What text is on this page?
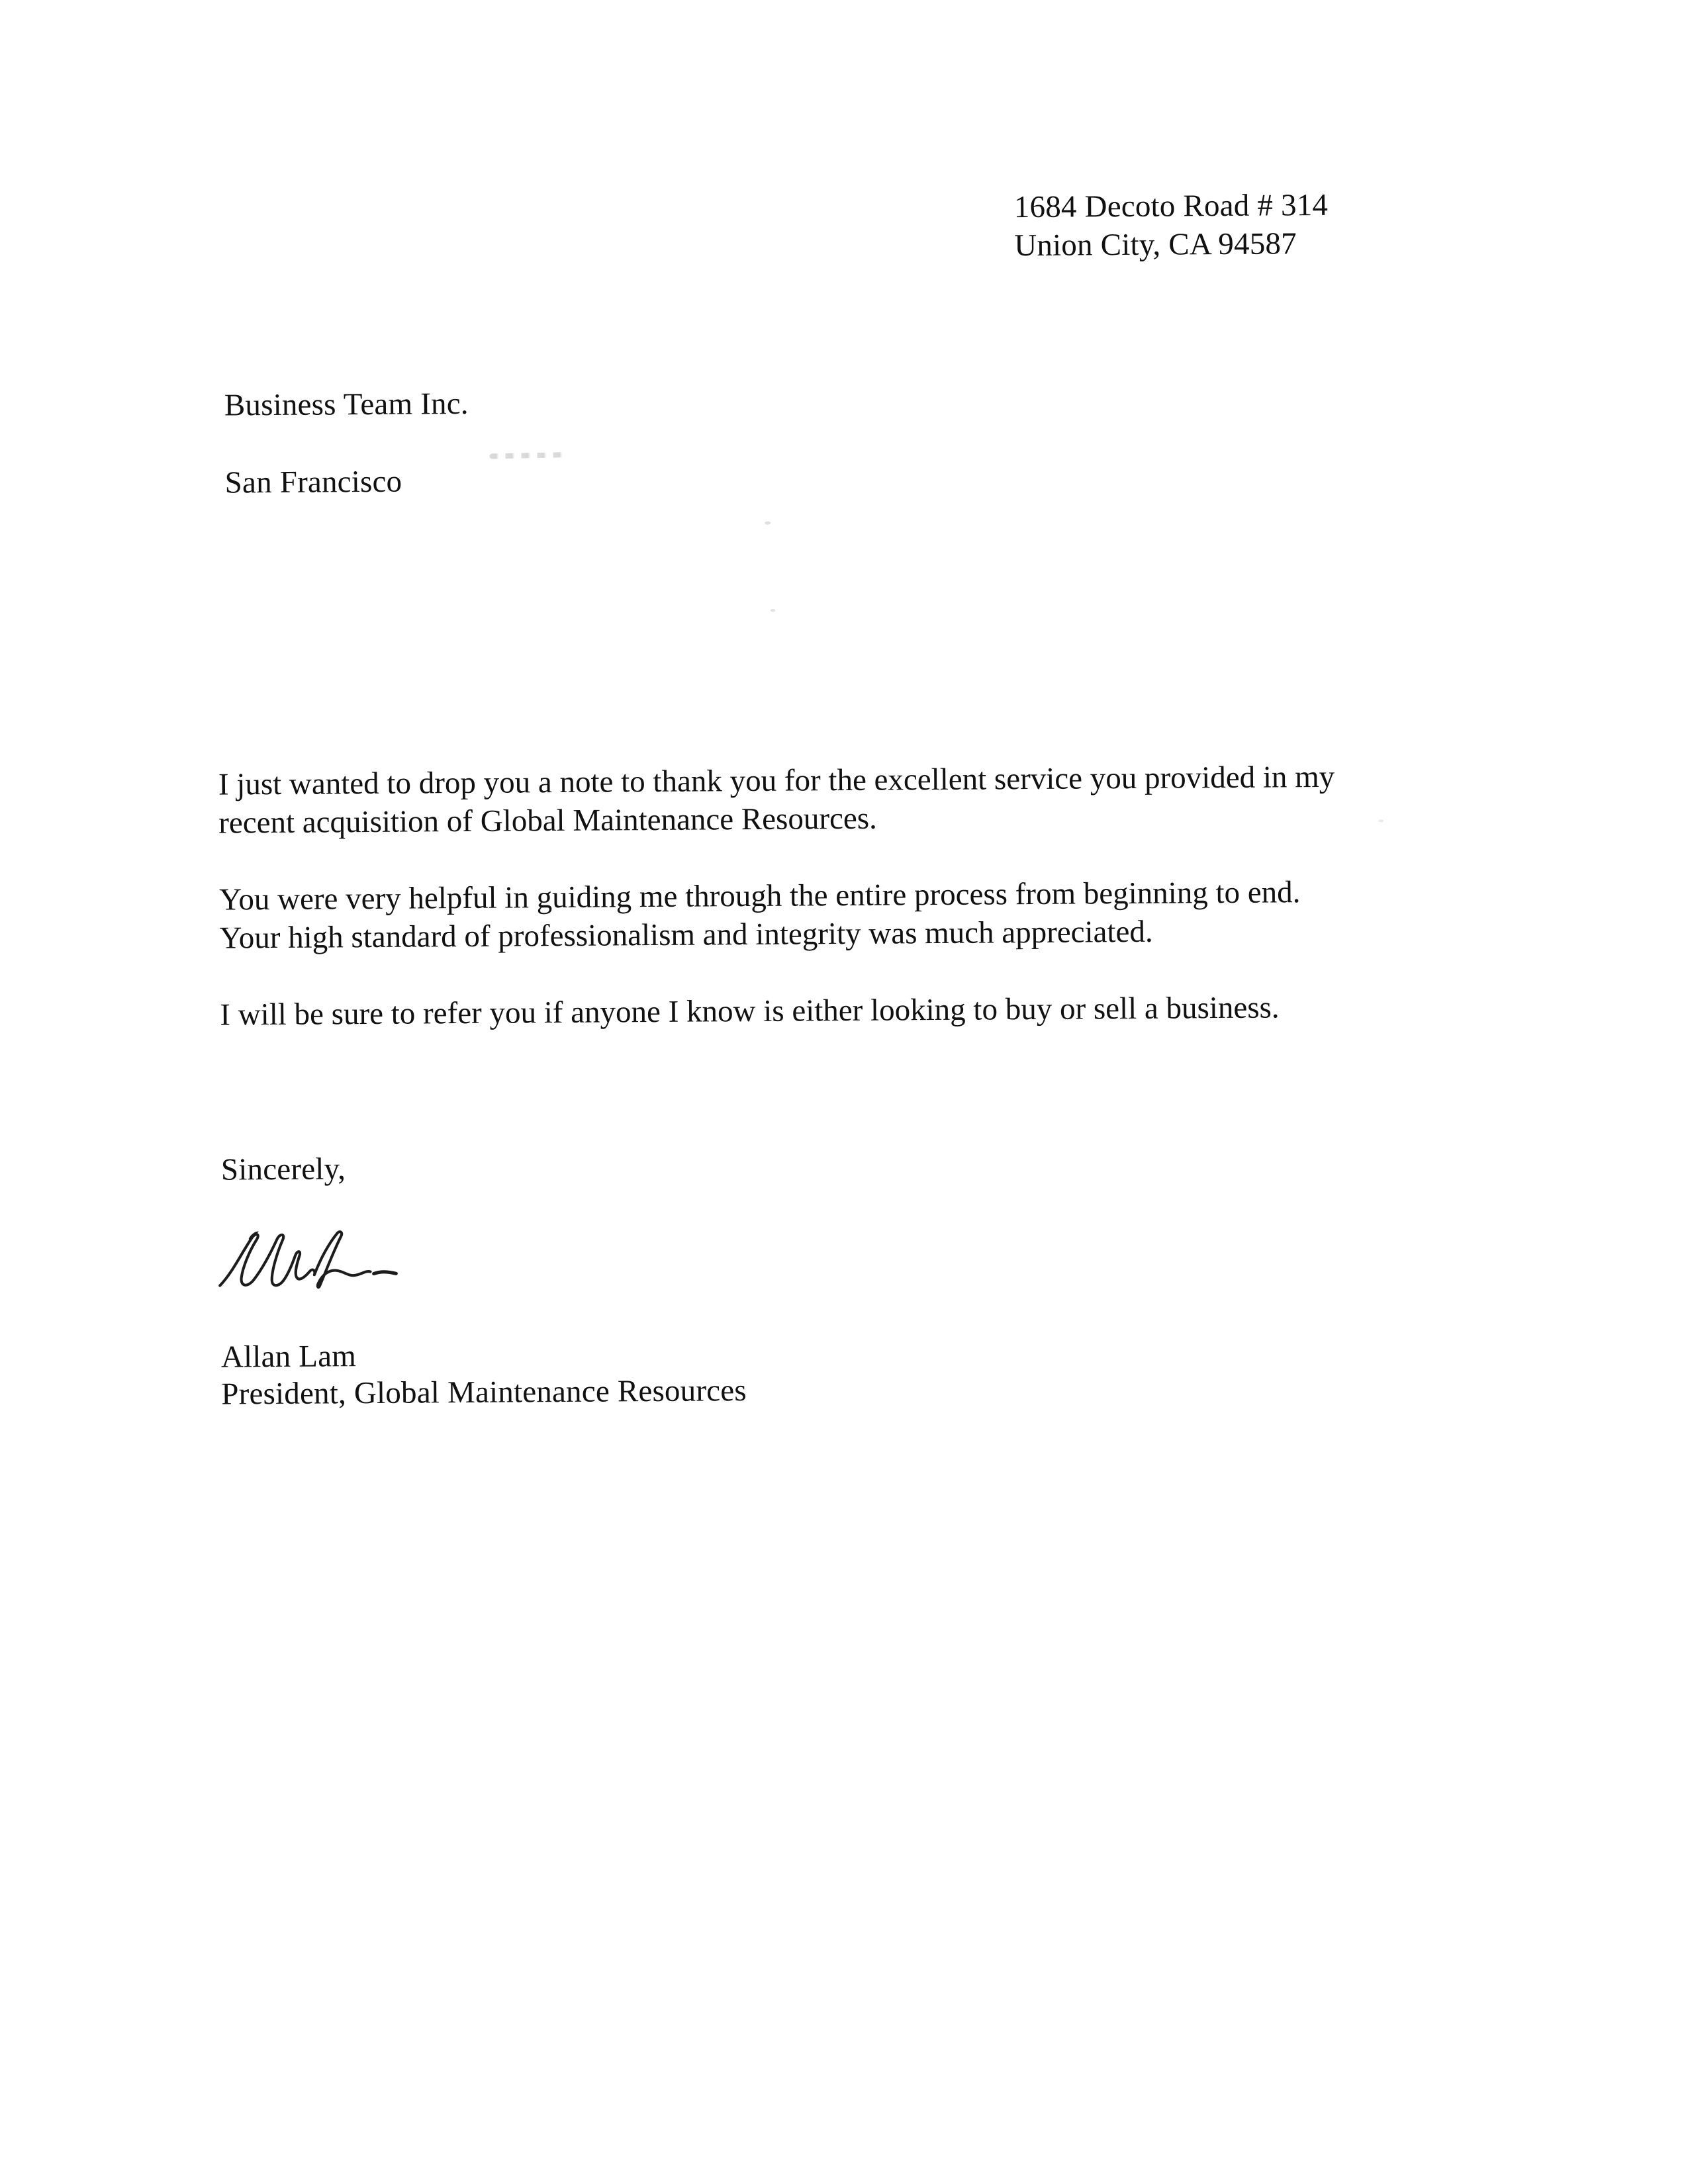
1684 Decoto Road # 314
Union City, CA 94587
Business Team Inc.
San Francisco
I just wanted to drop you a note to thank you for the excellent service you provided in my
recent acquisition of Global Maintenance Resources.
You were very helpful in guiding me through the entire process from beginning to end.
Your high standard of professionalism and integrity was much appreciated.
I will be sure to refer you if anyone I know is either looking to buy or sell a business.
Sincerely,
Allan Lam
President, Global Maintenance Resources
